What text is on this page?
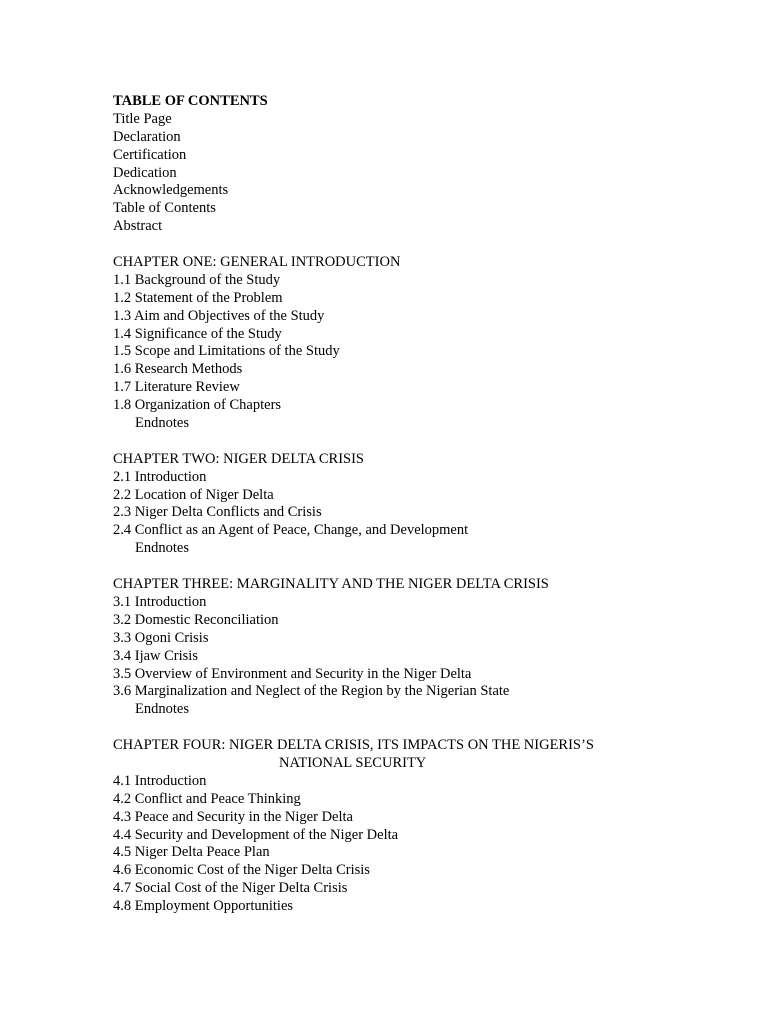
TABLE OF CONTENTS
Title Page
Declaration
Certification
Dedication
Acknowledgements
Table of Contents
Abstract
CHAPTER ONE: GENERAL INTRODUCTION
1.1 Background of the Study
1.2 Statement of the Problem
1.3 Aim and Objectives of the Study
1.4 Significance of the Study
1.5 Scope and Limitations of the Study
1.6 Research Methods
1.7 Literature Review
1.8 Organization of Chapters
Endnotes
CHAPTER TWO: NIGER DELTA CRISIS
2.1 Introduction
2.2 Location of Niger Delta
2.3 Niger Delta Conflicts and Crisis
2.4 Conflict as an Agent of Peace, Change, and Development
Endnotes
CHAPTER THREE: MARGINALITY AND THE NIGER DELTA CRISIS
3.1 Introduction
3.2 Domestic Reconciliation
3.3 Ogoni Crisis
3.4 Ijaw Crisis
3.5 Overview of Environment and Security in the Niger Delta
3.6 Marginalization and Neglect of the Region by the Nigerian State
Endnotes
CHAPTER FOUR: NIGER DELTA CRISIS, ITS IMPACTS ON THE NIGERIS’S
NATIONAL SECURITY
4.1 Introduction
4.2 Conflict and Peace Thinking
4.3 Peace and Security in the Niger Delta
4.4 Security and Development of the Niger Delta
4.5 Niger Delta Peace Plan
4.6 Economic Cost of the Niger Delta Crisis
4.7 Social Cost of the Niger Delta Crisis
4.8 Employment Opportunities
